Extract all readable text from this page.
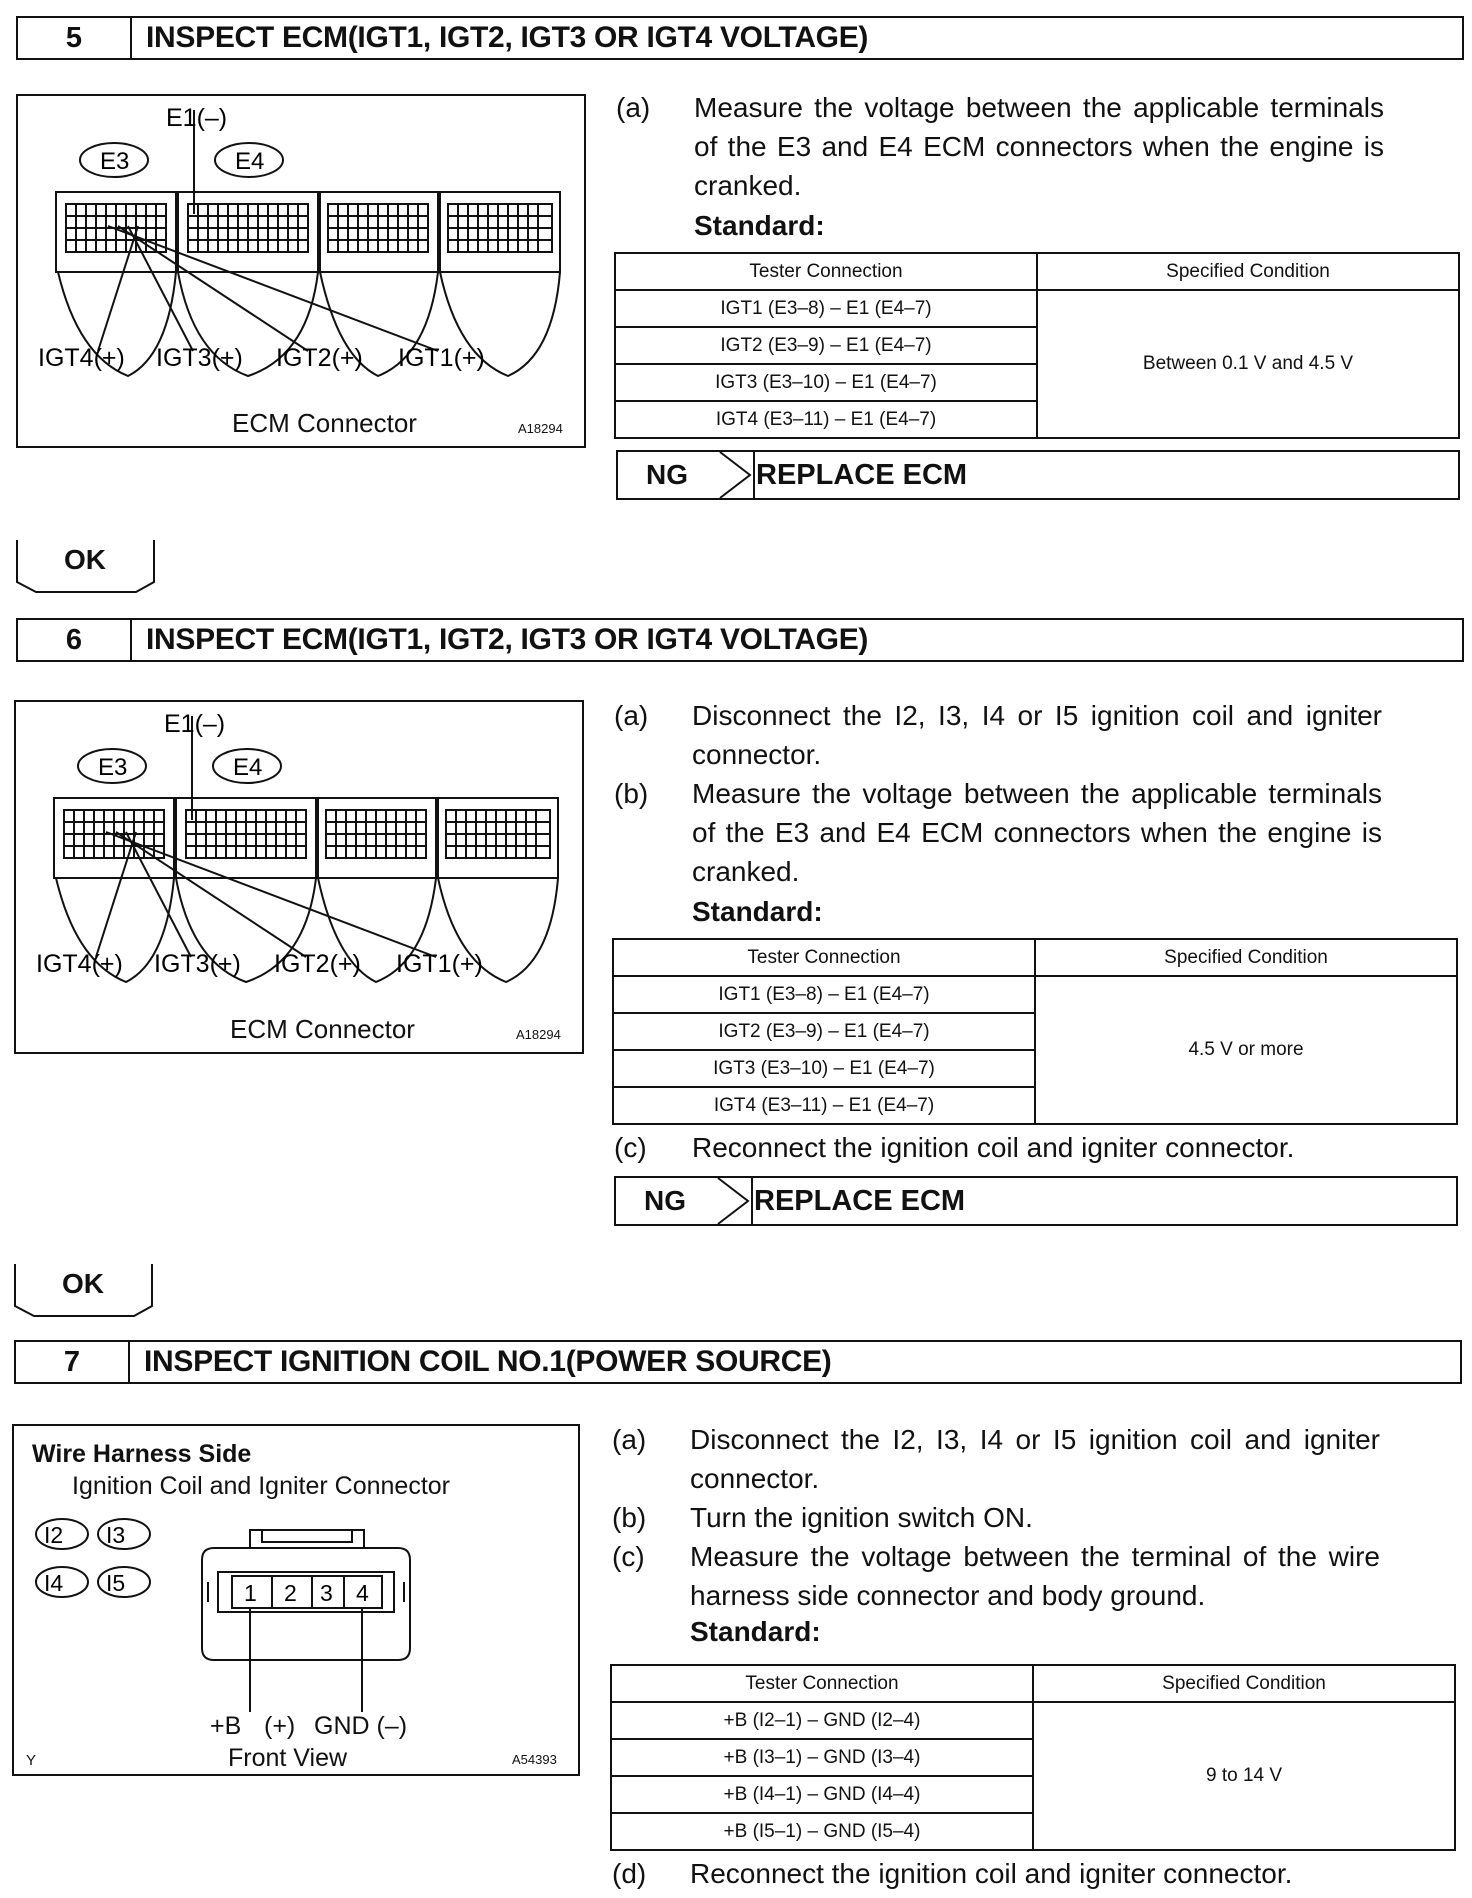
5	INSPECT ECM(IGT1, IGT2, IGT3 OR IGT4 VOLTAGE)
E1(–)
E3	E4
IGT4(+) IGT3(+) IGT2(+) IGT1(+)
ECM Connector	A18294
(a) Measure the voltage between the applicable terminals of the E3 and E4 ECM connectors when the engine is cranked.
Standard:
Tester Connection	Specified Condition
IGT1 (E3–8) – E1 (E4–7)	Between 0.1 V and 4.5 V
IGT2 (E3–9) – E1 (E4–7)	
IGT3 (E3–10) – E1 (E4–7)	
IGT4 (E3–11) – E1 (E4–7)	
NG REPLACE ECM
OK
6	INSPECT ECM(IGT1, IGT2, IGT3 OR IGT4 VOLTAGE)
E1(–)
E3	E4
IGT4(+) IGT3(+) IGT2(+) IGT1(+)
ECM Connector	A18294
(a) Disconnect the I2, I3, I4 or I5 ignition coil and igniter connector.
(b) Measure the voltage between the applicable terminals of the E3 and E4 ECM connectors when the engine is cranked.
Standard:
Tester Connection	Specified Condition
IGT1 (E3–8) – E1 (E4–7)	4.5 V or more
IGT2 (E3–9) – E1 (E4–7)	
IGT3 (E3–10) – E1 (E4–7)	
IGT4 (E3–11) – E1 (E4–7)	
(c) Reconnect the ignition coil and igniter connector.
NG REPLACE ECM
OK
7	INSPECT IGNITION COIL NO.1(POWER SOURCE)
Wire Harness Side
Ignition Coil and Igniter Connector
I2 I3
I4 I5	1 2 3 4
+B (+) GND (–)
Front View
Y	A54393
(a) Disconnect the I2, I3, I4 or I5 ignition coil and igniter connector.
(b) Turn the ignition switch ON.
(c) Measure the voltage between the terminal of the wire harness side connector and body ground.
Standard:
Tester Connection	Specified Condition
+B (I2–1) – GND (I2–4)	9 to 14 V
+B (I3–1) – GND (I3–4)	
+B (I4–1) – GND (I4–4)	
+B (I5–1) – GND (I5–4)	
(d) Reconnect the ignition coil and igniter connector.
